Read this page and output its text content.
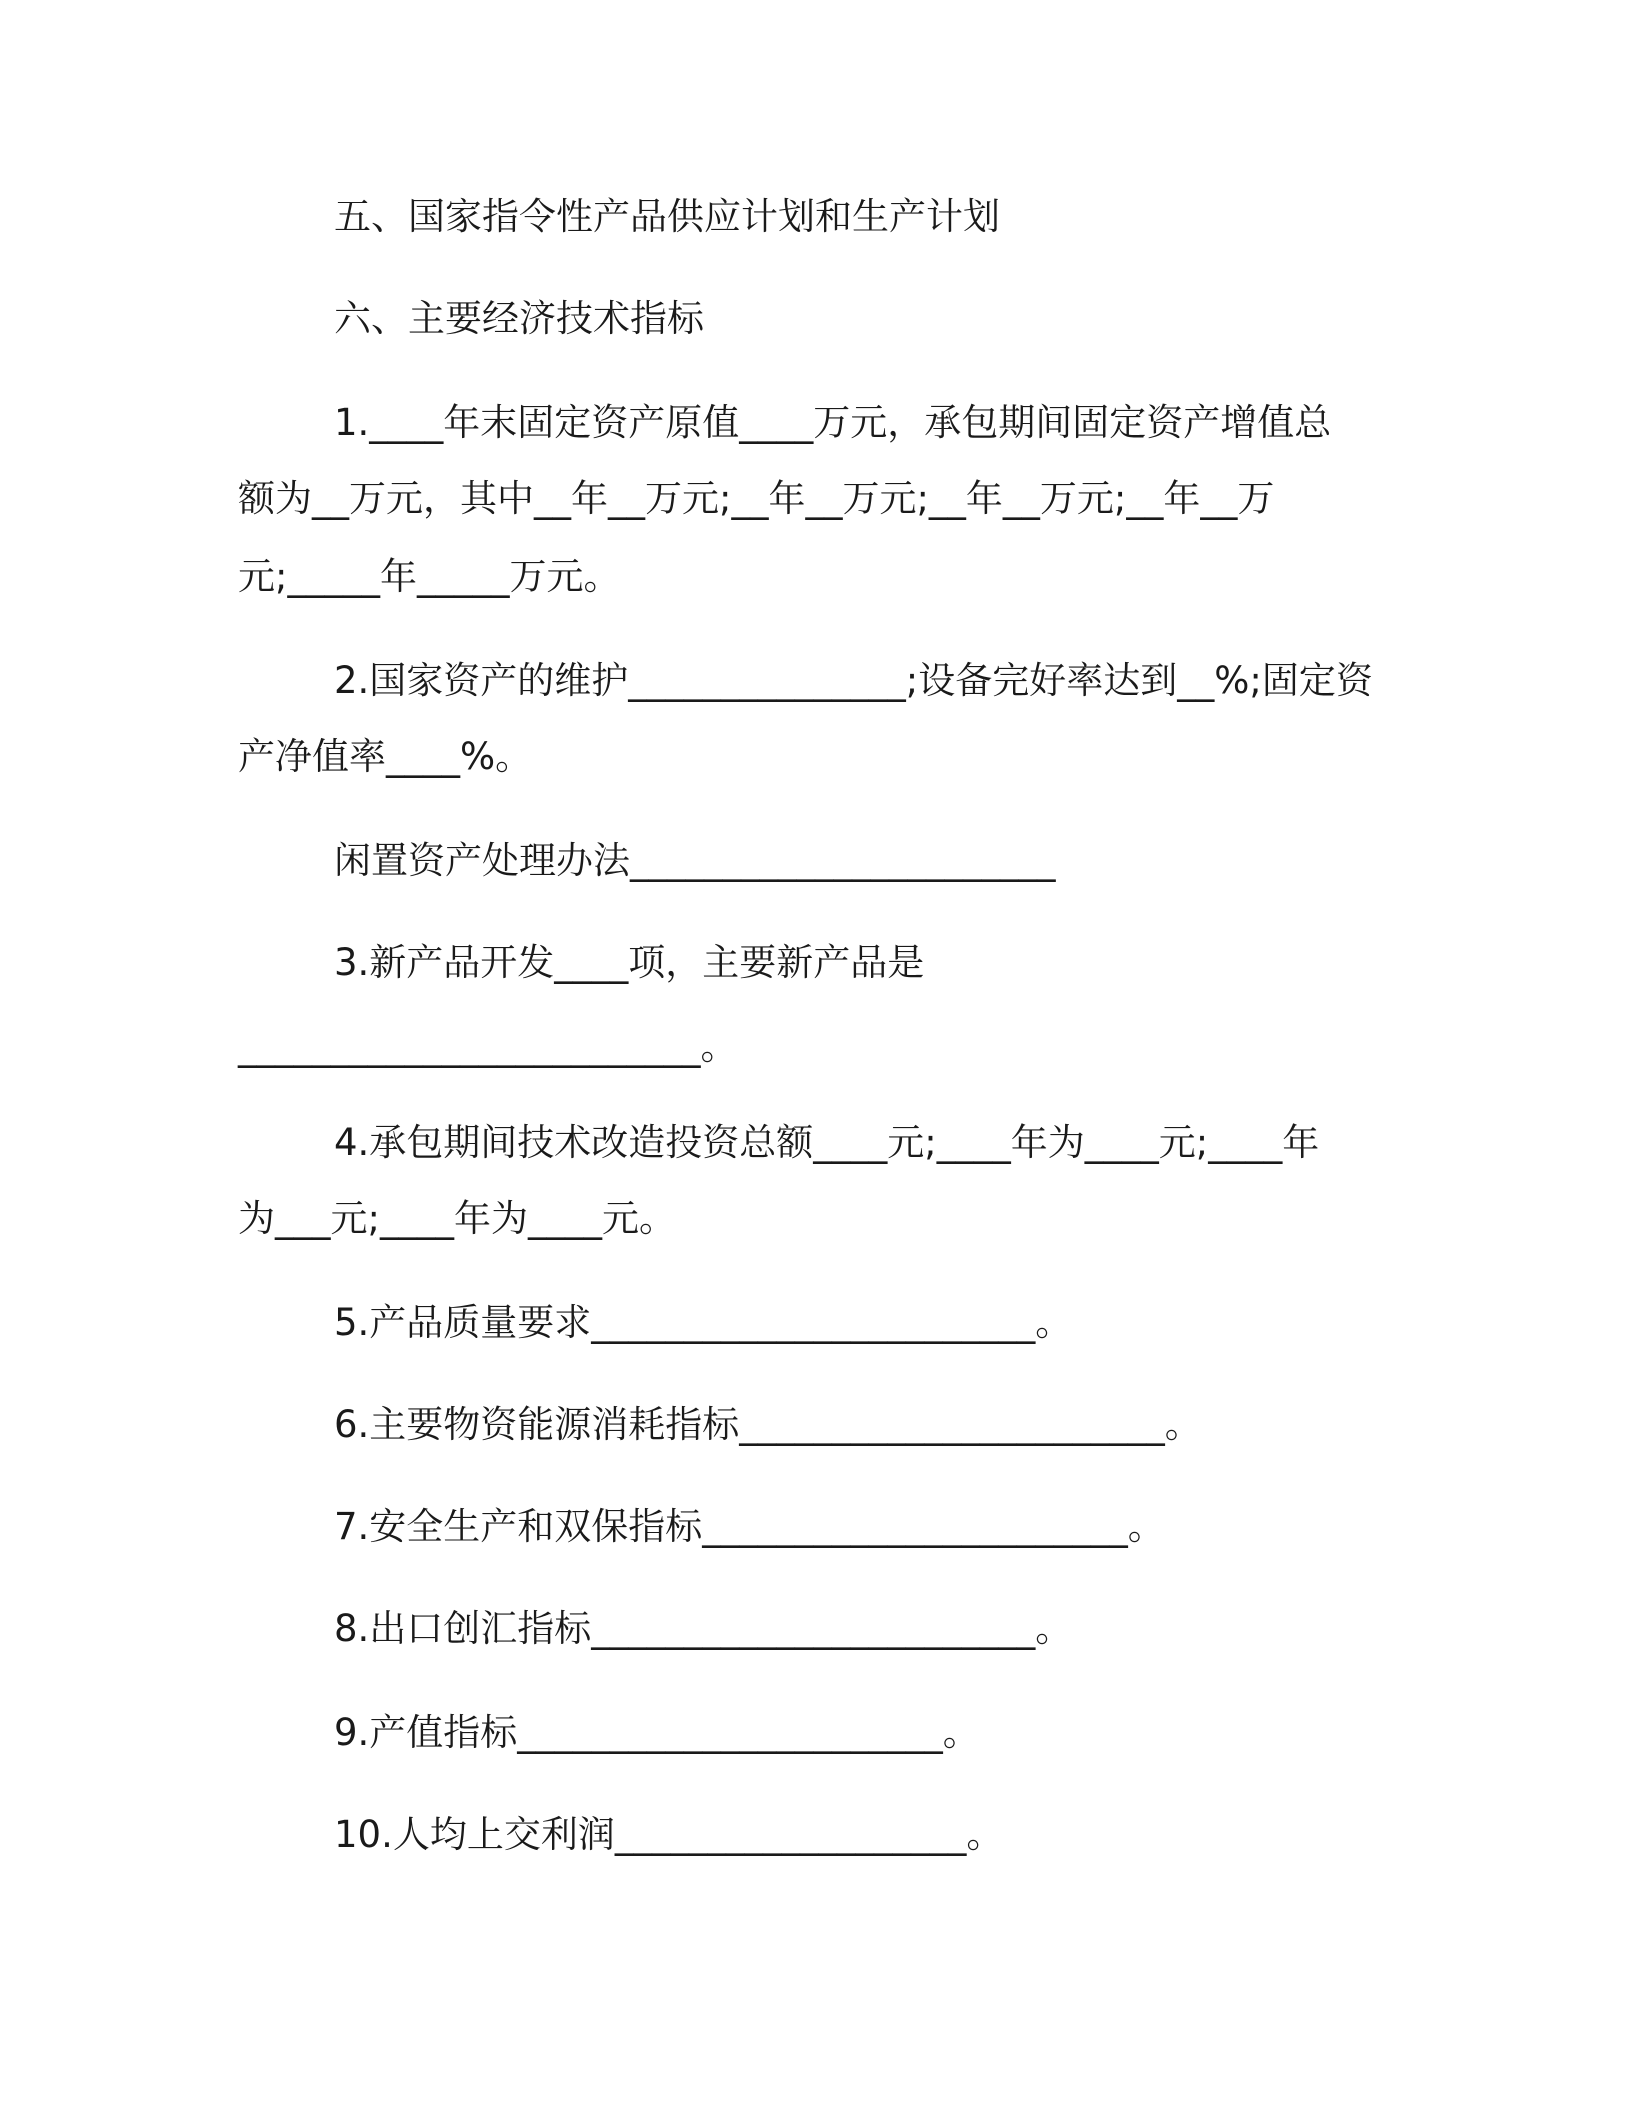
五、国家指令性产品供应计划和生产计划
六、主要经济技术指标
1.____年末固定资产原值____万元，承包期间固定资产增值总
额为__万元，其中__年__万元;__年__万元;__年__万元;__年__万
元;_____年_____万元。
2.国家资产的维护_______________;设备完好率达到__%;固定资
产净值率____%。
闲置资产处理办法_______________________
3.新产品开发____项，主要新产品是
_________________________。
4.承包期间技术改造投资总额____元;____年为____元;____年
为___元;____年为____元。
5.产品质量要求________________________。
6.主要物资能源消耗指标_______________________。
7.安全生产和双保指标_______________________。
8.出口创汇指标________________________。
9.产值指标_______________________。
10.人均上交利润___________________。
